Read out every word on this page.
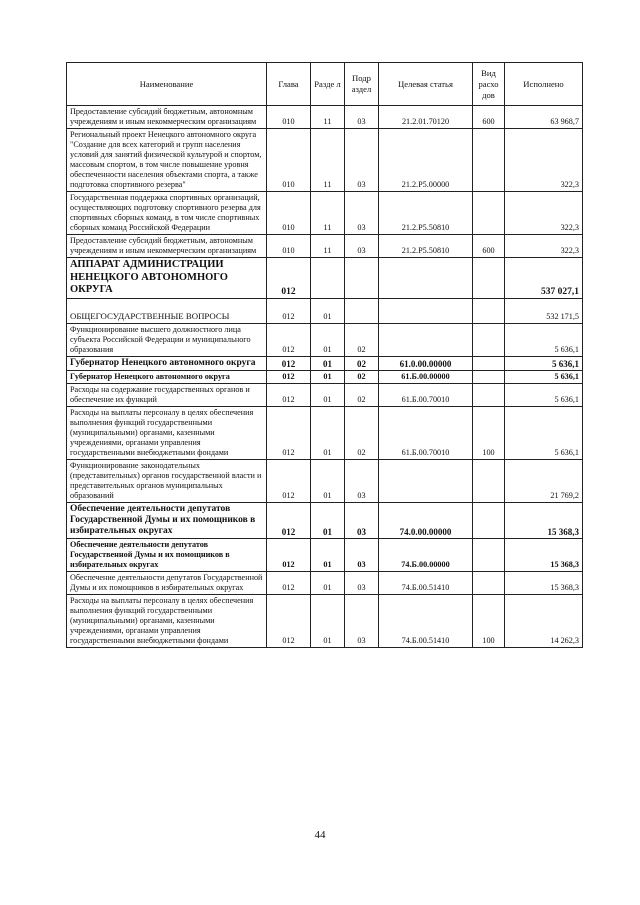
Наименование	Глава	Разде л	Подр аздел	Целевая статья	Вид расхо дов	Исполнено
Предоставление субсидий бюджетным, автономным учреждениям и иным некоммерческим организациям	010	11	03	21.2.01.70120	600	63 968,7
Региональный проект Ненецкого автономного округа "Создание для всех категорий и групп населения условий для занятий физической культурой и спортом, массовым спортом, в том числе повышение уровня обеспеченности населения объектами спорта, а также подготовка спортивного резерва"	010	11	03	21.2.Р5.00000		322,3
Государственная поддержка спортивных организаций, осуществляющих подготовку спортивного резерва для спортивных сборных команд, в том числе спортивных сборных команд Российской Федерации	010	11	03	21.2.Р5.50810		322,3
Предоставление субсидий бюджетным, автономным учреждениям и иным некоммерческим организациям	010	11	03	21.2.Р5.50810	600	322,3
АППАРАТ АДМИНИСТРАЦИИ НЕНЕЦКОГО АВТОНОМНОГО ОКРУГА	012					537 027,1
ОБЩЕГОСУДАРСТВЕННЫЕ ВОПРОСЫ	012	01				532 171,5
Функционирование высшего должностного лица субъекта Российской Федерации и муниципального образования	012	01	02			5 636,1
Губернатор Ненецкого автономного округа	012	01	02	61.0.00.00000		5 636,1
Губернатор Ненецкого автономного округа	012	01	02	61.Б.00.00000		5 636,1
Расходы на содержание государственных органов и обеспечение их функций	012	01	02	61.Б.00.70010		5 636,1
Расходы на выплаты персоналу в целях обеспечения выполнения функций государственными (муниципальными) органами, казенными учреждениями, органами управления государственными внебюджетными фондами	012	01	02	61.Б.00.70010	100	5 636,1
Функционирование законодательных (представительных) органов государственной власти и представительных органов муниципальных образований	012	01	03			21 769,2
Обеспечение деятельности депутатов Государственной Думы и их помощников в избирательных округах	012	01	03	74.0.00.00000		15 368,3
Обеспечение деятельности депутатов Государственной Думы и их помощников в избирательных округах	012	01	03	74.Б.00.00000		15 368,3
Обеспечение деятельности депутатов Государственной Думы и их помощников в избирательных округах	012	01	03	74.Б.00.51410		15 368,3
Расходы на выплаты персоналу в целях обеспечения выполнения функций государственными (муниципальными) органами, казенными учреждениями, органами управления государственными внебюджетными фондами	012	01	03	74.Б.00.51410	100	14 262,3
44
